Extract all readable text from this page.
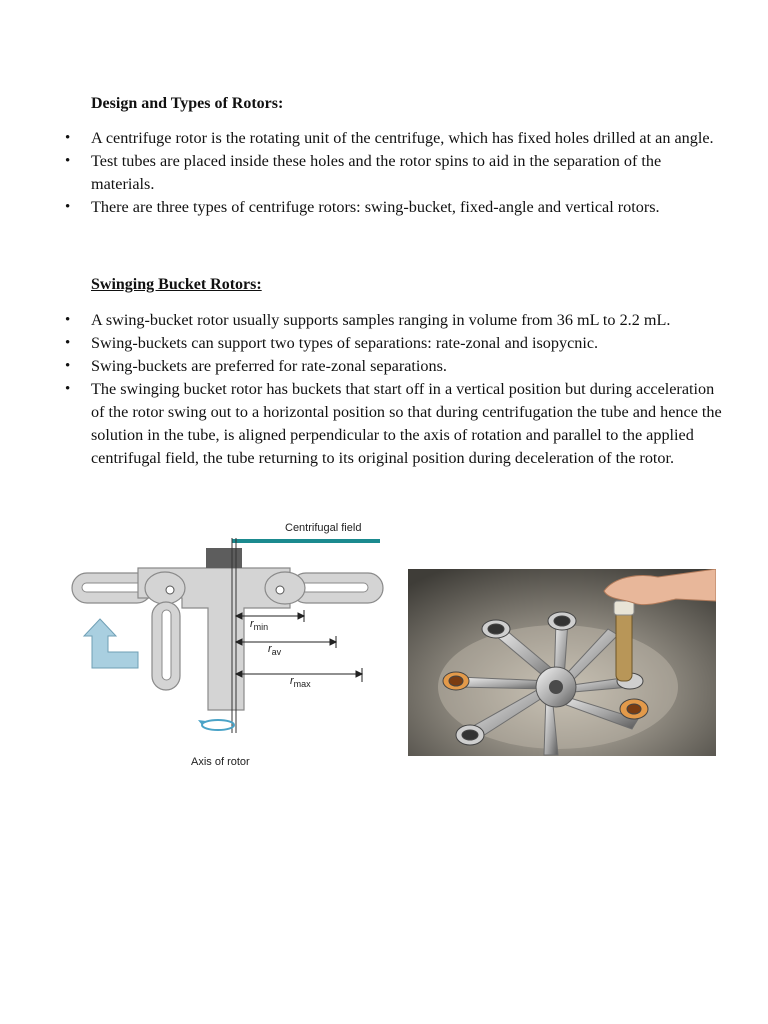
Design and Types of Rotors:
• A centrifuge rotor is the rotating unit of the centrifuge, which has fixed holes drilled at an angle.
• Test tubes are placed inside these holes and the rotor spins to aid in the separation of the materials.
• There are three types of centrifuge rotors: swing-bucket, fixed-angle and vertical rotors.
Swinging Bucket Rotors:
• A swing-bucket rotor usually supports samples ranging in volume from 36 mL to 2.2 mL.
• Swing-buckets can support two types of separations: rate-zonal and isopycnic.
• Swing-buckets are preferred for rate-zonal separations.
• The swinging bucket rotor has buckets that start off in a vertical position but during acceleration of the rotor swing out to a horizontal position so that during centrifugation the tube and hence the solution in the tube, is aligned perpendicular to the axis of rotation and parallel to the applied centrifugal field, the tube returning to its original position during deceleration of the rotor.
Centrifugal field
Axis of rotor
$r_{min}$
$r_{av}$
$r_{max}$
